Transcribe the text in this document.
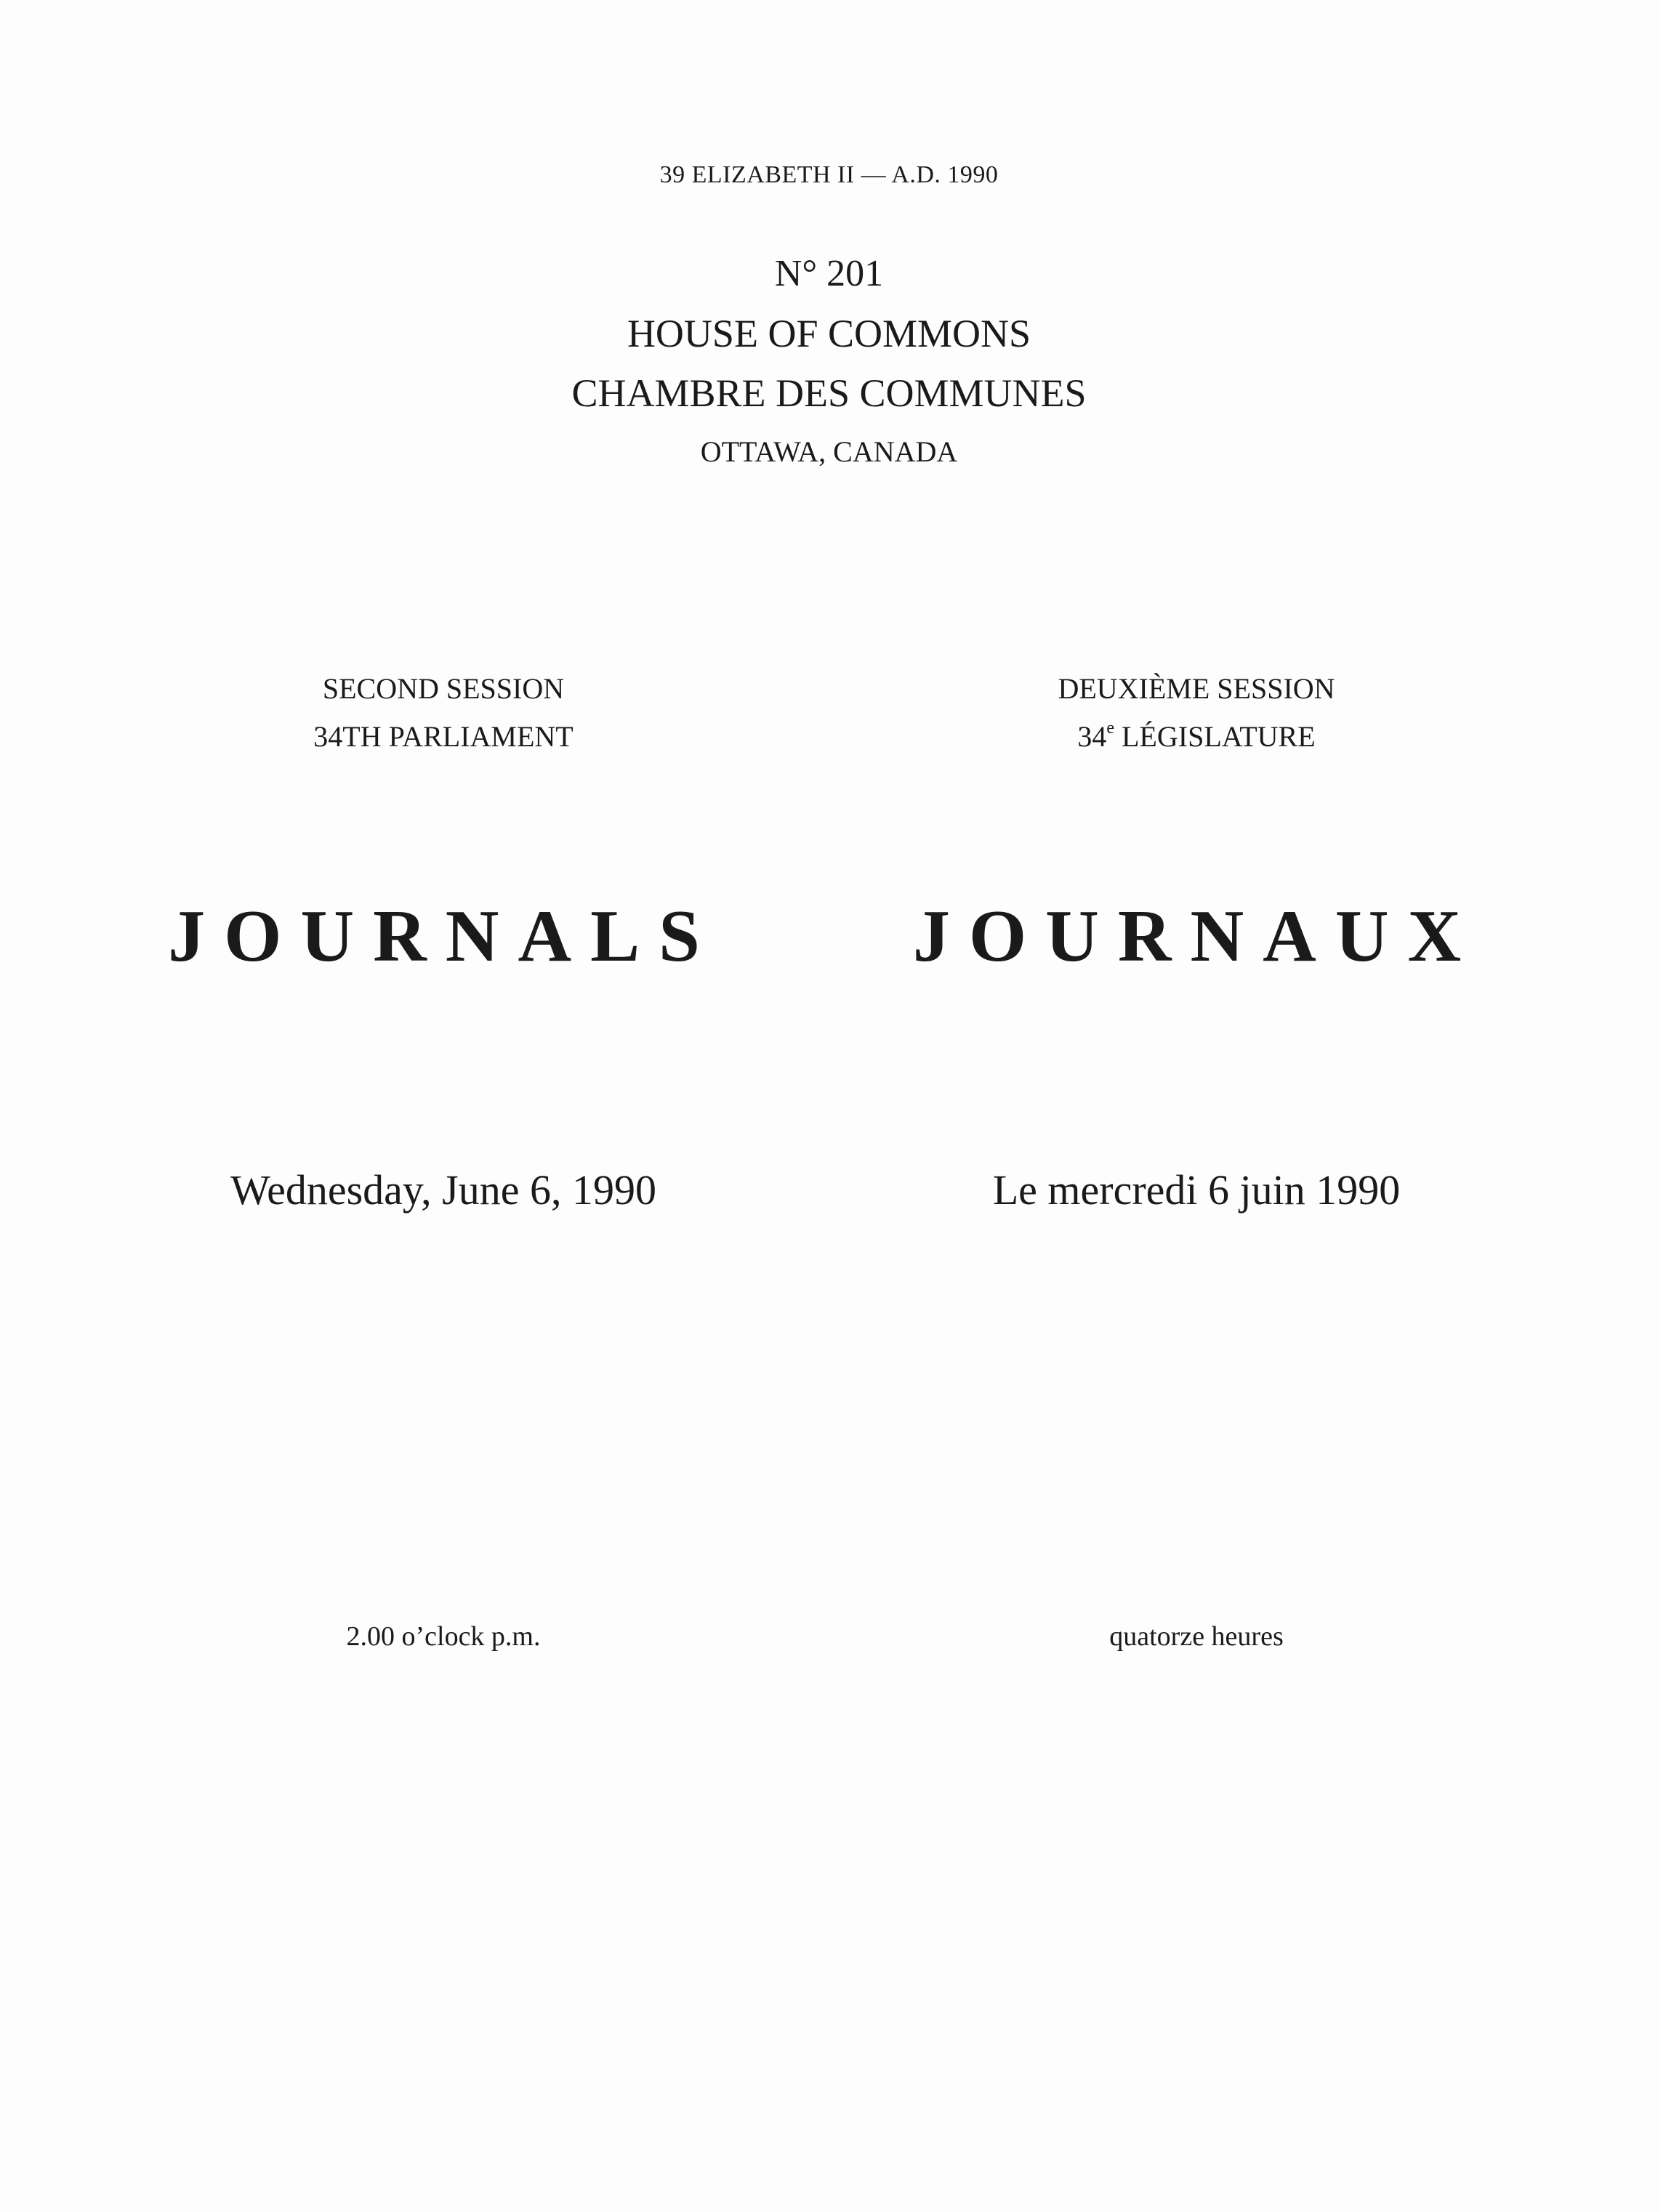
39 ELIZABETH II — A.D. 1990
N° 201
HOUSE OF COMMONS
CHAMBRE DES COMMUNES
OTTAWA, CANADA
SECOND SESSION
34TH PARLIAMENT
JOURNALS
Wednesday, June 6, 1990
2.00 o’clock p.m.
DEUXIÈME SESSION
34e LÉGISLATURE
JOURNAUX
Le mercredi 6 juin 1990
quatorze heures
